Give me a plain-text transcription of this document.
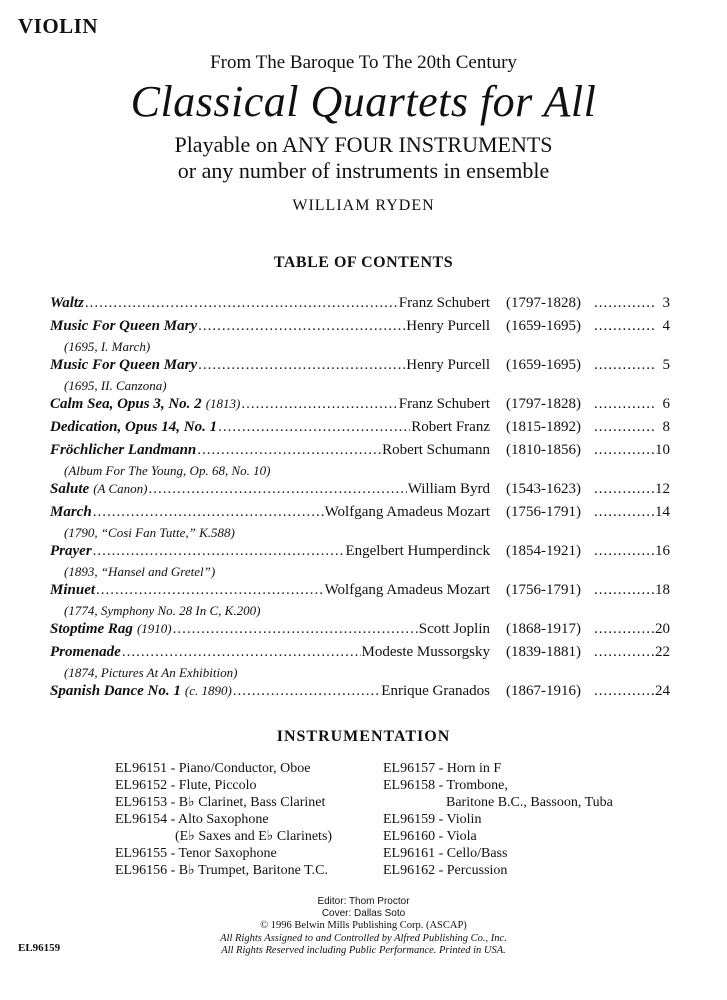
VIOLIN
From The Baroque To The 20th Century
Classical Quartets for All
Playable on ANY FOUR INSTRUMENTS
or any number of instruments in ensemble
WILLIAM RYDEN
TABLE OF CONTENTS
Waltz .....	Franz Schubert (1797-1828) .....	3
Music For Queen Mary .....	Henry Purcell (1659-1695) .....	4
(1695, I. March)
Music For Queen Mary .....	Henry Purcell (1659-1695) .....	5
(1695, II. Canzona)
Calm Sea, Opus 3, No. 2 (1813) .....	Franz Schubert (1797-1828) .....	6
Dedication, Opus 14, No. 1 .....	Robert Franz (1815-1892) .....	8
Fröchlicher Landmann .....	Robert Schumann (1810-1856) .....	10
(Album For The Young, Op. 68, No. 10)
Salute (A Canon) .....	William Byrd (1543-1623) .....	12
March .....	Wolfgang Amadeus Mozart (1756-1791) .....	14
(1790, “Cosi Fan Tutte,” K.588)
Prayer .....	Engelbert Humperdinck (1854-1921) .....	16
(1893, “Hansel and Gretel”)
Minuet .....	Wolfgang Amadeus Mozart (1756-1791) .....	18
(1774, Symphony No. 28 In C, K.200)
Stoptime Rag (1910) .....	Scott Joplin (1868-1917) .....	20
Promenade .....	Modeste Mussorgsky (1839-1881) .....	22
(1874, Pictures At An Exhibition)
Spanish Dance No. 1 (c. 1890) .....	Enrique Granados (1867-1916) .....	24
INSTRUMENTATION
EL96151 - Piano/Conductor, Oboe
EL96152 - Flute, Piccolo
EL96153 - B♭ Clarinet, Bass Clarinet
EL96154 - Alto Saxophone
(E♭ Saxes and E♭ Clarinets)
EL96155 - Tenor Saxophone
EL96156 - B♭ Trumpet, Baritone T.C.
EL96157 - Horn in F
EL96158 - Trombone,
Baritone B.C., Bassoon, Tuba
EL96159 - Violin
EL96160 - Viola
EL96161 - Cello/Bass
EL96162 - Percussion
Editor: Thom Proctor
Cover: Dallas Soto
© 1996 Belwin Mills Publishing Corp. (ASCAP)
All Rights Assigned to and Controlled by Alfred Publishing Co., Inc.
All Rights Reserved including Public Performance. Printed in USA.
EL96159
